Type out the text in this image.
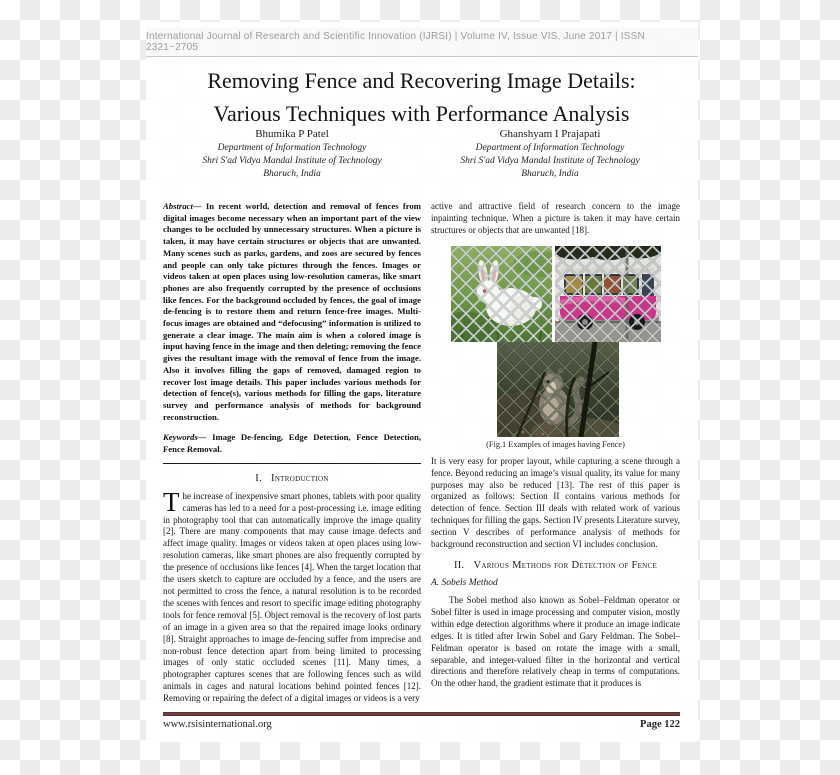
International Journal of Research and Scientific Innovation (IJRSI) | Volume IV, Issue VIS, June 2017 | ISSN 2321−2705
Removing Fence and Recovering Image Details:
Various Techniques with Performance Analysis
Bhumika P Patel
Department of Information Technology
Shri S'ad Vidya Mandal Institute of Technology
Bharuch, India
Ghanshyam I Prajapati
Department of Information Technology
Shri S'ad Vidya Mandal Institute of Technology
Bharuch, India

Abstract— In recent world, detection and removal of fences from digital images become necessary when an important part of the view changes to be occluded by unnecessary structures. When a picture is taken, it may have certain structures or objects that are unwanted. Many scenes such as parks, gardens, and zoos are secured by fences and people can only take pictures through the fences. Images or videos taken at open places using low-resolution cameras, like smart phones are also frequently corrupted by the presence of occlusions like fences. For the background occluded by fences, the goal of image de-fencing is to restore them and return fence-free images. Multi-focus images are obtained and “defocusing” information is utilized to generate a clear image. The main aim is when a colored image is input having fence in the image and then deleting; removing the fence gives the resultant image with the removal of fence from the image. Also it involves filling the gaps of removed, damaged region to recover lost image details. This paper includes various methods for detection of fence(s), various methods for filling the gaps, literature survey and performance analysis of methods for background reconstruction.

Keywords— Image De-fencing, Edge Detection, Fence Detection, Fence Removal.

I. Introduction

The increase of inexpensive smart phones, tablets with poor quality cameras has led to a need for a post-processing i.e. image editing in photography tool that can automatically improve the image quality [2]. There are many components that may cause image defects and affect image quality. Images or videos taken at open places using low-resolution cameras, like smart phones are also frequently corrupted by the presence of occlusions like fences [4]. When the target location that the users sketch to capture are occluded by a fence, and the users are not permitted to cross the fence, a natural resolution is to be recorded the scenes with fences and resort to specific image editing photography tools for fence removal [5]. Object removal is the recovery of lost parts of an image in a given area so that the repaired image looks ordinary [8]. Straight approaches to image de-fencing suffer from imprecise and non-robust fence detection apart from being limited to processing images of only static occluded scenes [11]. Many times, a photographer captures scenes that are following fences such as wild animals in cages and natural locations behind pointed fences [12]. Removing or repairing the defect of a digital images or videos is a very

active and attractive field of research concern to the image inpainting technique. When a picture is taken it may have certain structures or objects that are unwanted [18].

(Fig.1 Examples of images having Fence)

It is very easy for proper layout, while capturing a scene through a fence. Beyond reducing an image’s visual quality, its value for many purposes may also be reduced [13]. The rest of this paper is organized as follows: Section II contains various methods for detection of fence. Section III deals with related work of various techniques for filling the gaps. Section IV presents Literature survey, section V describes of performance analysis of methods for background reconstruction and section VI includes conclusion.

II. Various Methods for Detection of Fence
A. Sobels Method

The Sobel method also known as Sobel–Feldman operator or Sobel filter is used in image processing and computer vision, mostly within edge detection algorithms where it produce an image indicate edges. It is titled after Irwin Sobel and Gary Feldman. The Sobel–Feldman operator is based on rotate the image with a small, separable, and integer-valued filter in the horizontal and vertical directions and therefore relatively cheap in terms of computations. On the other hand, the gradient estimate that it produces is

www.rsisinternational.org	Page 122
